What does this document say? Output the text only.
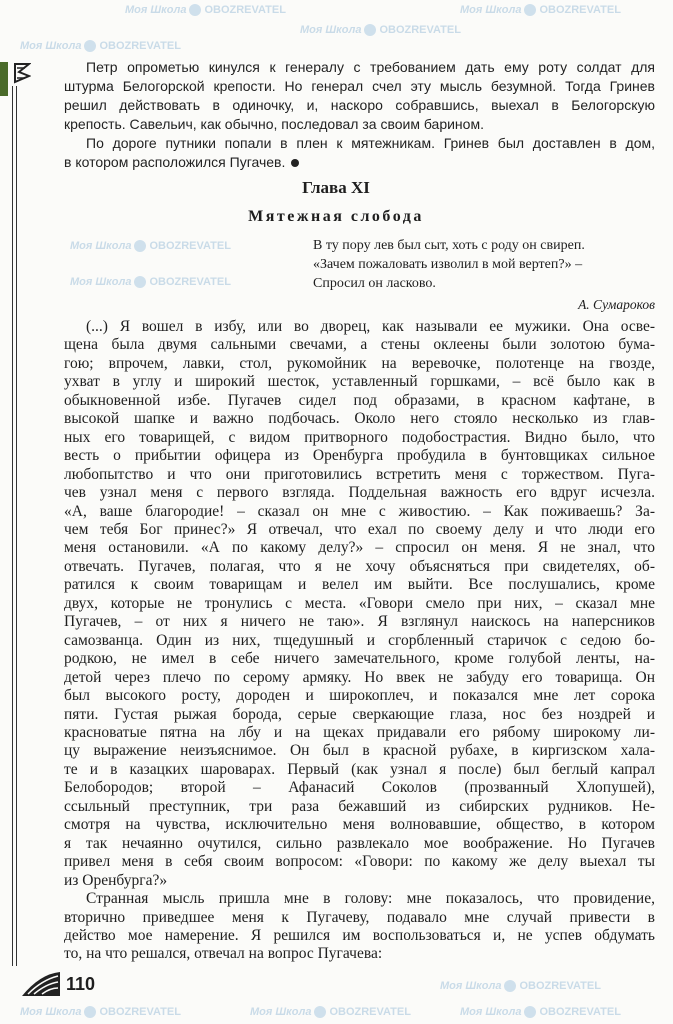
Моя Школа OBOZREVATEL
Моя Школа OBOZREVATEL
Моя Школа OBOZREVATEL
Моя Школа OBOZREVATEL
Моя Школа OBOZREVATEL
Моя Школа OBOZREVATEL
Моя Школа OBOZREVATEL
Моя Школа OBOZREVATEL	Моя Школа OBOZREVATEL	Моя Школа OBOZREVATEL
Петр опрометью кинулся к генералу с требованием дать ему роту солдат для
штурма Белогорской крепости. Но генерал счел эту мысль безумной. Тогда Гринев
решил действовать в одиночку, и, наскоро собравшись, выехал в Белогорскую
крепость. Савельич, как обычно, последовал за своим барином.
По дороге путники попали в плен к мятежникам. Гринев был доставлен в дом,
в котором расположился Пугачев.
Глава XI
Мятежная слобода
В ту пору лев был сыт, хоть с роду он свиреп.
«Зачем пожаловать изволил в мой вертеп?» –
Спросил он ласково.
А. Сумароков
(...) Я вошел в избу, или во дворец, как называли ее мужики. Она осве-
щена была двумя сальными свечами, а стены оклеены были золотою бума-
гою; впрочем, лавки, стол, рукомойник на веревочке, полотенце на гвозде,
ухват в углу и широкий шесток, уставленный горшками, – всё было как в
обыкновенной избе. Пугачев сидел под образами, в красном кафтане, в
высокой шапке и важно подбочась. Около него стояло несколько из глав-
ных его товарищей, с видом притворного подобострастия. Видно было, что
весть о прибытии офицера из Оренбурга пробудила в бунтовщиках сильное
любопытство и что они приготовились встретить меня с торжеством. Пуга-
чев узнал меня с первого взгляда. Поддельная важность его вдруг исчезла.
«А, ваше благородие! – сказал он мне с живостию. – Как поживаешь? За-
чем тебя Бог принес?» Я отвечал, что ехал по своему делу и что люди его
меня остановили. «А по какому делу?» – спросил он меня. Я не знал, что
отвечать. Пугачев, полагая, что я не хочу объясняться при свидетелях, об-
ратился к своим товарищам и велел им выйти. Все послушались, кроме
двух, которые не тронулись с места. «Говори смело при них, – сказал мне
Пугачев, – от них я ничего не таю». Я взглянул наискось на наперсников
самозванца. Один из них, тщедушный и сгорбленный старичок с седою бо-
родкою, не имел в себе ничего замечательного, кроме голубой ленты, на-
детой через плечо по серому армяку. Но ввек не забуду его товарища. Он
был высокого росту, дороден и широкоплеч, и показался мне лет сорока
пяти. Густая рыжая борода, серые сверкающие глаза, нос без ноздрей и
красноватые пятна на лбу и на щеках придавали его рябому широкому ли-
цу выражение неизъяснимое. Он был в красной рубахе, в киргизском хала-
те и в казацких шароварах. Первый (как узнал я после) был беглый капрал
Белобородов; второй – Афанасий Соколов (прозванный Хлопушей),
ссыльный преступник, три раза бежавший из сибирских рудников. Не-
смотря на чувства, исключительно меня волновавшие, общество, в котором
я так нечаянно очутился, сильно развлекало мое воображение. Но Пугачев
привел меня в себя своим вопросом: «Говори: по какому же делу выехал ты
из Оренбурга?»
Странная мысль пришла мне в голову: мне показалось, что провидение,
вторично приведшее меня к Пугачеву, подавало мне случай привести в
действо мое намерение. Я решился им воспользоваться и, не успев обдумать
то, на что решался, отвечал на вопрос Пугачева:
110
